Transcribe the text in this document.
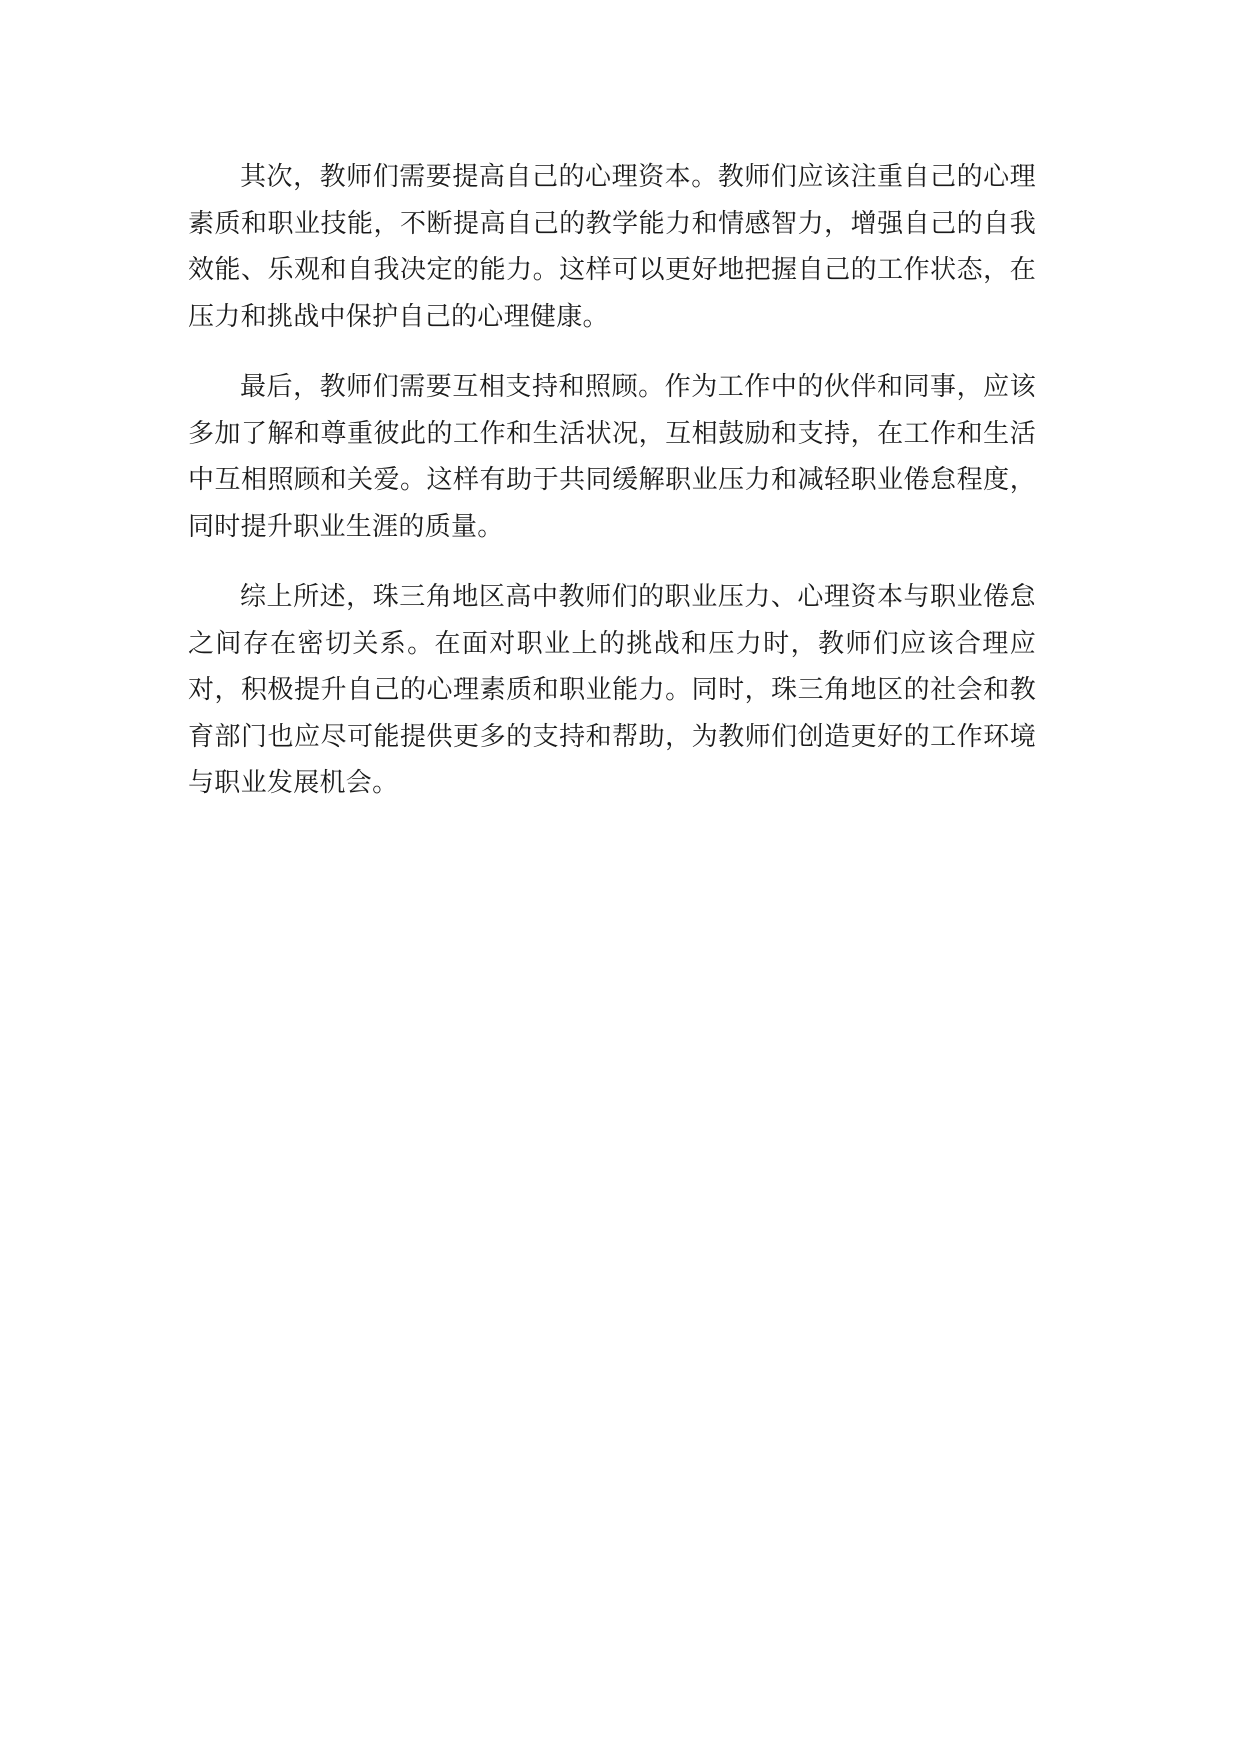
其次，教师们需要提高自己的心理资本。教师们应该注重自己的心理素质和职业技能，不断提高自己的教学能力和情感智力，增强自己的自我效能、乐观和自我决定的能力。这样可以更好地把握自己的工作状态，在压力和挑战中保护自己的心理健康。

最后，教师们需要互相支持和照顾。作为工作中的伙伴和同事，应该多加了解和尊重彼此的工作和生活状况，互相鼓励和支持，在工作和生活中互相照顾和关爱。这样有助于共同缓解职业压力和减轻职业倦怠程度，同时提升职业生涯的质量。

综上所述，珠三角地区高中教师们的职业压力、心理资本与职业倦怠之间存在密切关系。在面对职业上的挑战和压力时，教师们应该合理应对，积极提升自己的心理素质和职业能力。同时，珠三角地区的社会和教育部门也应尽可能提供更多的支持和帮助，为教师们创造更好的工作环境与职业发展机会。
